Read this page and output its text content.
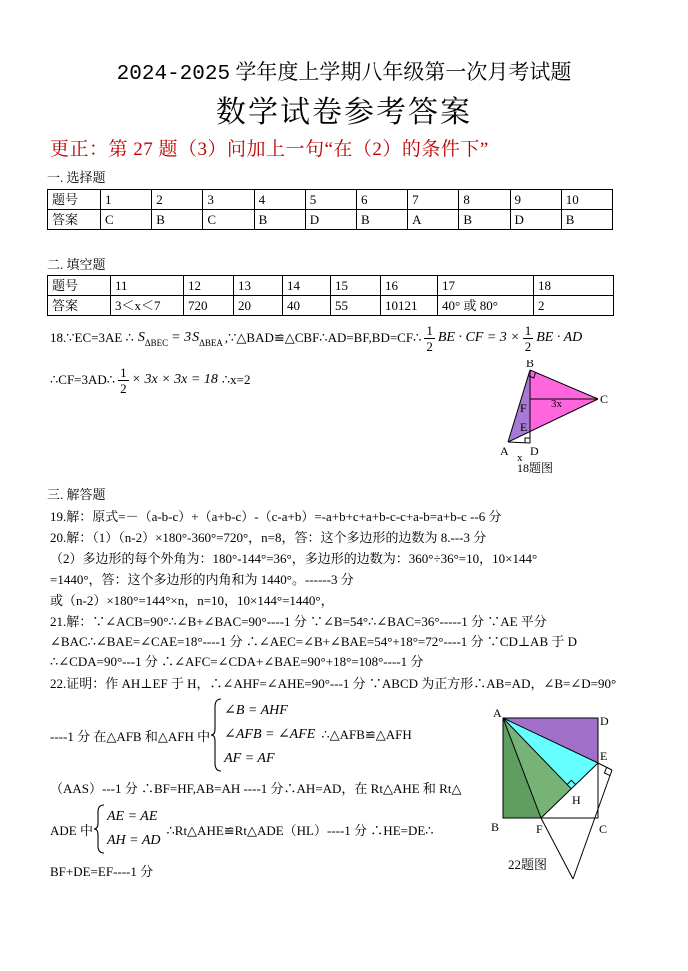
2024-2025 学年度上学期八年级第一次月考试题
数学试卷参考答案
更正：第 27 题（3）问加上一句“在（2）的条件下”
一. 选择题
题号	1	2	3	4	5	6	7	8	9	10
答案	C	B	C	B	D	B	A	B	D	B
二. 填空题
题号	11	12	13	14	15	16	17	18
答案	3＜x＜7	720	20	40	55	10121	40° 或 80°	2
18.∵EC=3AE ∴ S ΔBEC = 3 S ΔBEA ,∵△BAD≌△CBF∴AD=BF,BD=CF∴ $\frac{1}{2}$ BE · CF = $3 \times \frac{1}{2}$ BE · AD
∴CF=3AD∴ $\frac{1}{2} \times 3x \times 3x = 18$ ∴x=2
B
C
F
E
A D
x
3x
18题图
三. 解答题
19.解：原式=－（a-b-c）+（a+b-c）-（c-a+b）=-a+b+c+a+b-c-c+a-b=a+b-c --6 分
20.解：（1）（n-2）×180°-360°=720°，n=8，答：这个多边形的边数为 8.---3 分
（2）多边形的每个外角为：180°-144°=36°，多边形的边数为：360°÷36°=10，10×144°
=1440°，答：这个多边形的内角和为 1440°。------3 分
或（n-2）×180°=144°×n，n=10，10×144°=1440°，
21.解：∵∠ACB=90°∴∠B+∠BAC=90°----1 分 ∵∠B=54°∴∠BAC=36°-----1 分 ∵AE 平分
∠BAC∴∠BAE=∠CAE=18°----1 分 ∴∠AEC=∠B+∠BAE=54°+18°=72°----1 分 ∵CD⊥AB 于 D
∴∠CDA=90°---1 分 ∴∠AFC=∠CDA+∠BAE=90°+18°=108°----1 分
22.证明：作 AH⊥EF 于 H，∴∠AHF=∠AHE=90°---1 分 ∵ABCD 为正方形∴AB=AD，∠B=∠D=90°
----1 分 在△AFB 和△AFH 中
∠B = AHF
∠AFB = ∠AFE
AF = AF
∴△AFB≌△AFH
（AAS）---1 分 ∴BF=HF,AB=AH ----1 分∴AH=AD，在 Rt△AHE 和 Rt△
ADE 中
AE = AE
AH = AD
∴Rt△AHE≌Rt△ADE（HL）----1 分 ∴HE=DE∴
BF+DE=EF----1 分
A
D
E
H
B	F	C
22题图
